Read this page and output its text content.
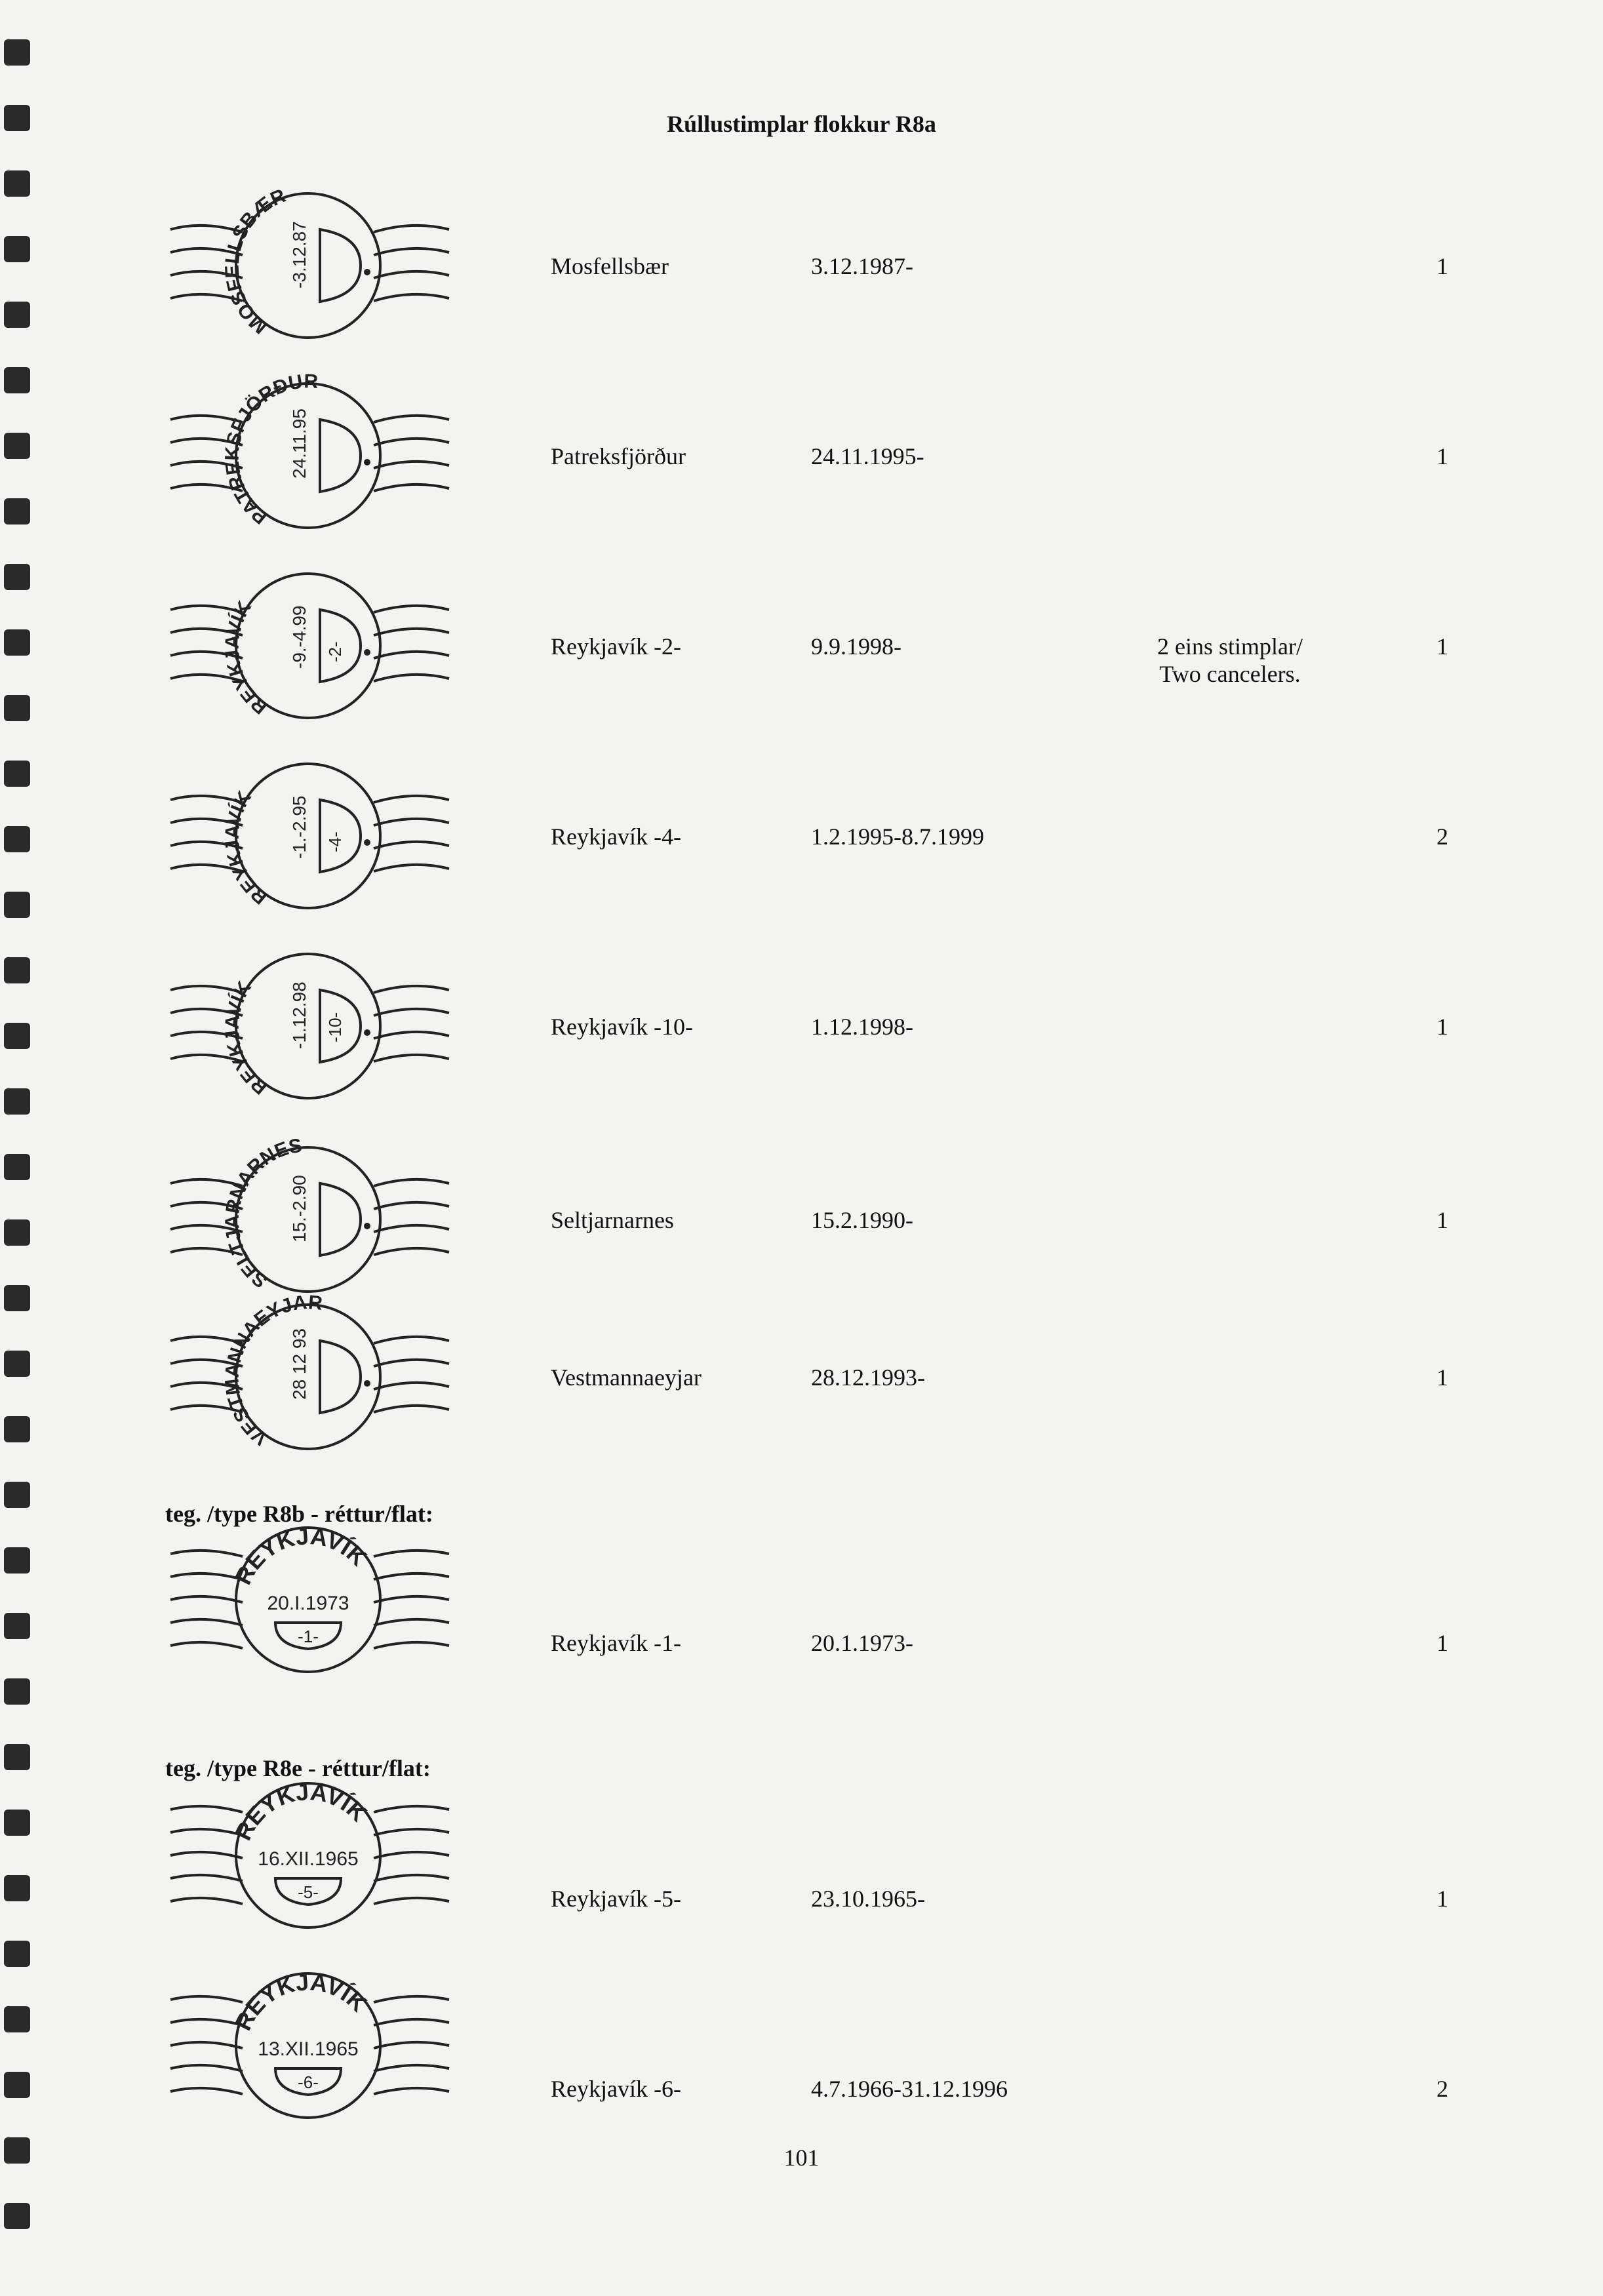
Rúllustimplar flokkur R8a
MOSFELLSBÆR
-3.12.87	Mosfellsbær	3.12.1987-	1
PATREKSFJÖRÐUR
24.11.95	Patreksfjörður	24.11.1995-	1
REYKJAVÍK	-9.-4.99 -2-	Reykjavík -2-	9.9.1998-	1
2 eins stimplar/
Two cancelers.
REYKJAVÍK	-1.-2.95 -4-	Reykjavík -4-	1.2.1995-8.7.1999	2
REYKJAVÍK	-1.12.98 -10-	Reykjavík -10-	1.12.1998-	1
SELTJARNARNES
15.-2.90	Seltjarnarnes	15.2.1990-	1
VESTMANNAEYJAR
28 12 93	Vestmannaeyjar	28.12.1993-	1
teg. /type R8b - réttur/flat:
REYKJAVÍK
20.I.1973
-1-	Reykjavík -1-	20.1.1973-	1
teg. /type R8e - réttur/flat:
REYKJAVÍK
16.XII.1965
-5-	Reykjavík -5-	23.10.1965-	1
REYKJAVÍK
13.XII.1965
-6-	Reykjavík -6-	4.7.1966-31.12.1996	2
101
